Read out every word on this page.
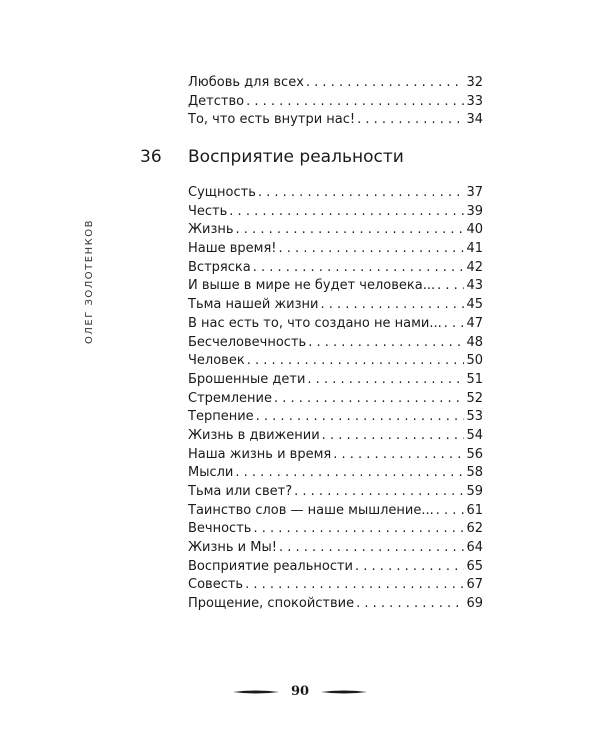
ОЛЕГ ЗОЛОТЕНКОВ
Любовь для всех . . .	32
Детство . . .	33
То, что есть внутри нас! . . .	34
36 Восприятие реальности
Сущность . . .	37
Честь . . .	39
Жизнь . . .	40
Наше время! . . .	41
Встряска . . .	42
И выше в мире не будет человека... . . . 43
Тьма нашей жизни . . .	45
В нас есть то, что создано не нами... . . . 47
Бесчеловечность . . .	48
Человек . . .	50
Брошенные дети . . .	51
Стремление . . .	52
Терпение . . .	53
Жизнь в движении . . .	54
Наша жизнь и время . . .	56
Мысли . . .	58
Тьма или свет? . . .	59
Таинство слов — наше мышление... . . .	61
Вечность . . .	62
Жизнь и Мы! . . .	64
Восприятие реальности . . .	65
Совесть . . .	67
Прощение, спокойствие . . .	69
90
